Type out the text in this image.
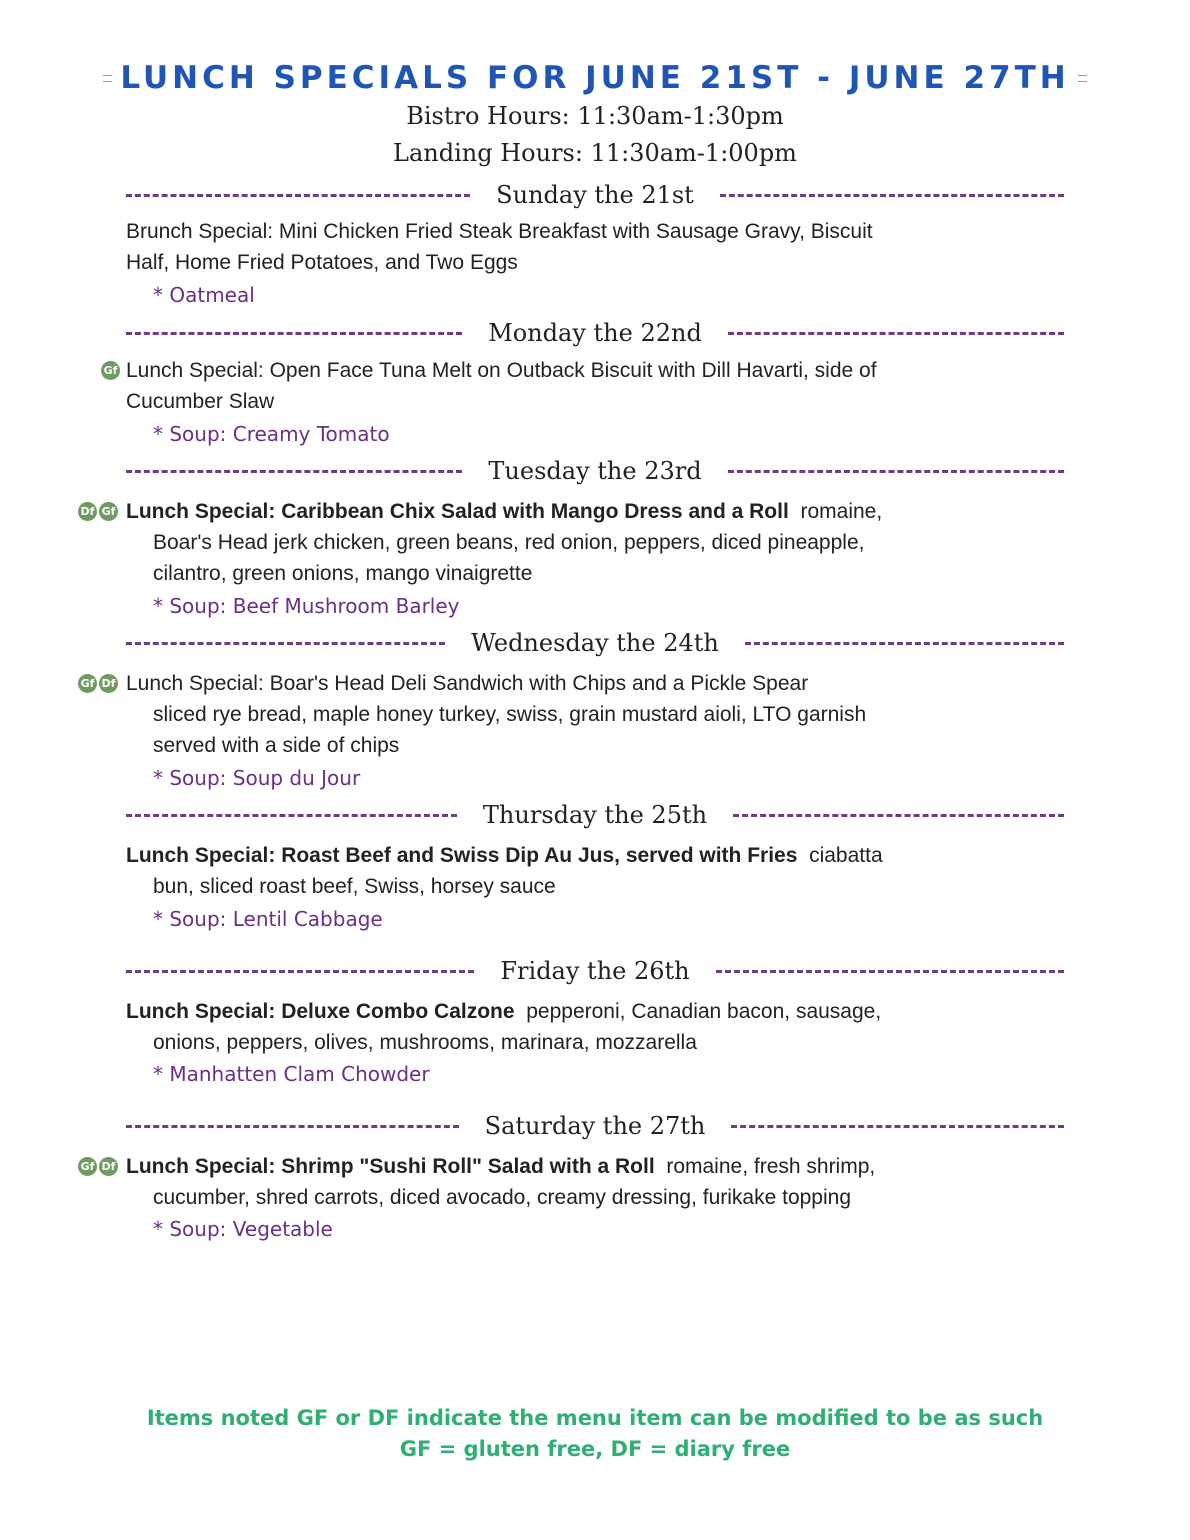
LUNCH SPECIALS FOR JUNE 21ST - JUNE 27TH
Bistro Hours: 11:30am-1:30pm
Landing Hours: 11:30am-1:00pm
Sunday the 21st
Brunch Special: Mini Chicken Fried Steak Breakfast with Sausage Gravy, Biscuit
Half, Home Fried Potatoes, and Two Eggs
* Oatmeal
Monday the 22nd
Gf Lunch Special: Open Face Tuna Melt on Outback Biscuit with Dill Havarti, side of
Cucumber Slaw
* Soup: Creamy Tomato
Tuesday the 23rd
Df Gf Lunch Special: Caribbean Chix Salad with Mango Dress and a Roll romaine,
Boar's Head jerk chicken, green beans, red onion, peppers, diced pineapple,
cilantro, green onions, mango vinaigrette
* Soup: Beef Mushroom Barley
Wednesday the 24th
Gf Df Lunch Special: Boar's Head Deli Sandwich with Chips and a Pickle Spear
sliced rye bread, maple honey turkey, swiss, grain mustard aioli, LTO garnish
served with a side of chips
* Soup: Soup du Jour
Thursday the 25th
Lunch Special: Roast Beef and Swiss Dip Au Jus, served with Fries ciabatta
bun, sliced roast beef, Swiss, horsey sauce
* Soup: Lentil Cabbage
Friday the 26th
Lunch Special: Deluxe Combo Calzone pepperoni, Canadian bacon, sausage,
onions, peppers, olives, mushrooms, marinara, mozzarella
* Manhatten Clam Chowder
Saturday the 27th
Gf Df Lunch Special: Shrimp "Sushi Roll" Salad with a Roll romaine, fresh shrimp,
cucumber, shred carrots, diced avocado, creamy dressing, furikake topping
* Soup: Vegetable
Items noted GF or DF indicate the menu item can be modified to be as such
GF = gluten free, DF = diary free
